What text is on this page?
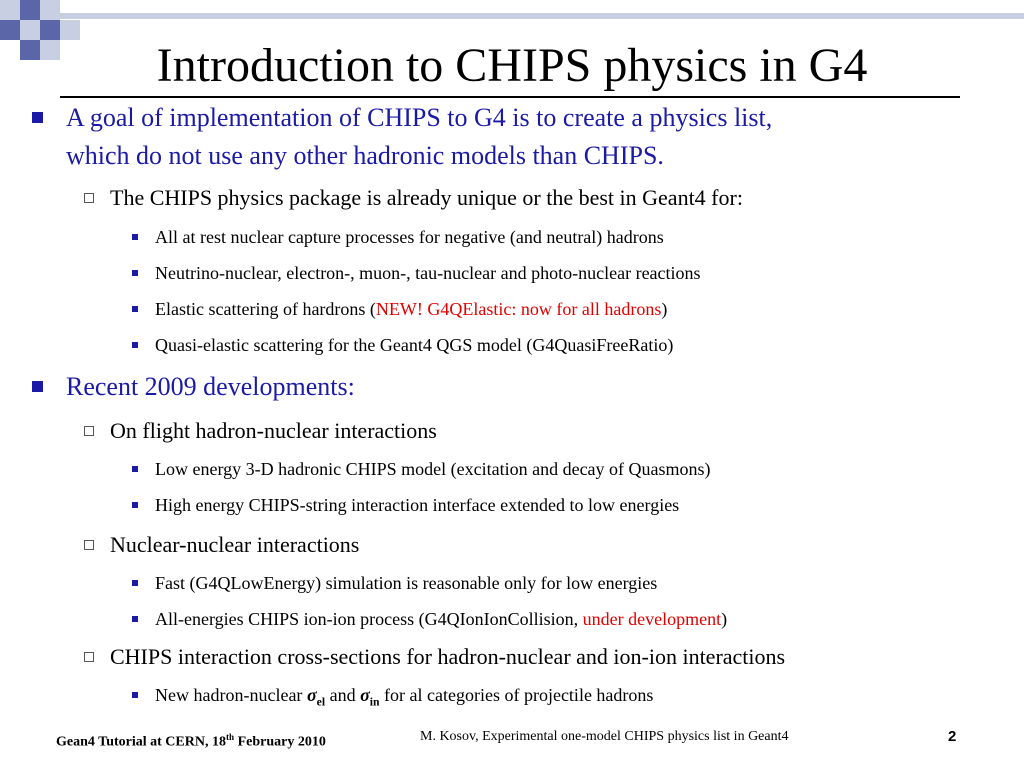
Introduction to CHIPS physics in G4
A goal of implementation of CHIPS to G4 is to create a physics list,
which do not use any other hadronic models than CHIPS.
The CHIPS physics package is already unique or the best in Geant4 for:
All at rest nuclear capture processes for negative (and neutral) hadrons
Neutrino-nuclear, electron-, muon-, tau-nuclear and photo-nuclear reactions
Elastic scattering of hardrons (NEW! G4QElastic: now for all hadrons)
Quasi-elastic scattering for the Geant4 QGS model (G4QuasiFreeRatio)
Recent 2009 developments:
On flight hadron-nuclear interactions
Low energy 3-D hadronic CHIPS model (excitation and decay of Quasmons)
High energy CHIPS-string interaction interface extended to low energies
Nuclear-nuclear interactions
Fast (G4QLowEnergy) simulation is reasonable only for low energies
All-energies CHIPS ion-ion process (G4QIonIonCollision, under development)
CHIPS interaction cross-sections for hadron-nuclear and ion-ion interactions
New hadron-nuclear $\sigma_{el}$ and $\sigma_{in}$ for al categories of projectile hadrons
Gean4 Tutorial at CERN, 18th February 2010	M. Kosov, Experimental one-model CHIPS physics list in Geant4	2
